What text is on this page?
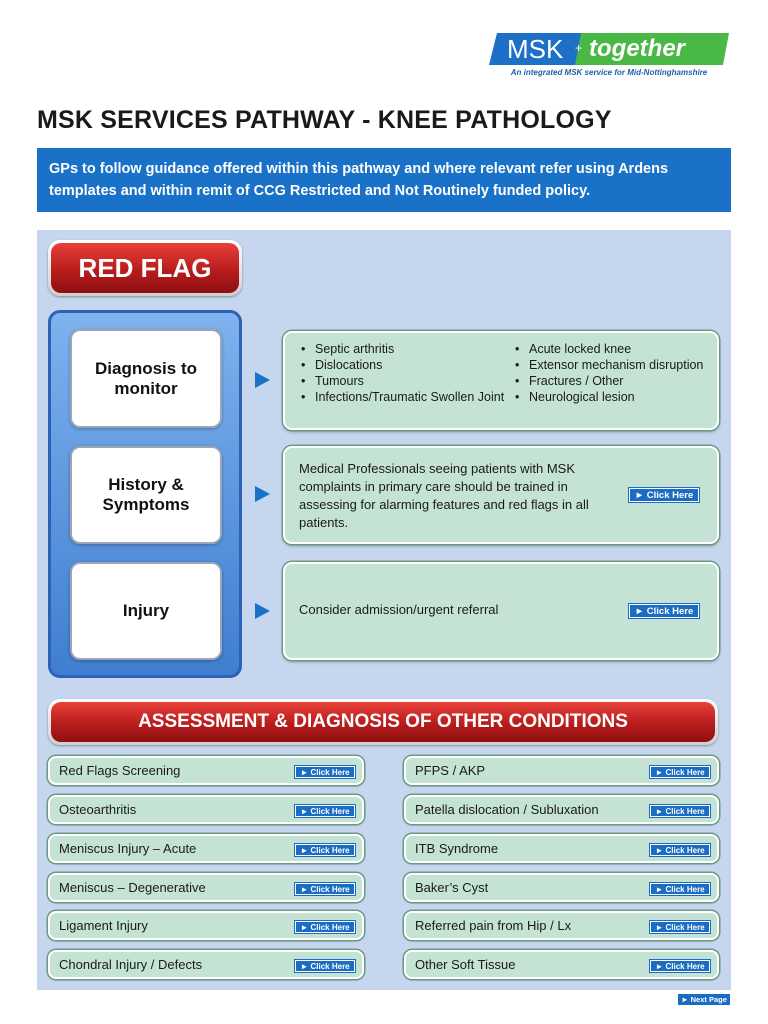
MSK + together
An integrated MSK service for Mid-Nottinghamshire
MSK SERVICES PATHWAY - KNEE PATHOLOGY
GPs to follow guidance offered within this pathway and where relevant refer using Ardens templates and within remit of CCG Restricted and Not Routinely funded policy.
RED FLAG
Diagnosis to monitor
History & Symptoms
Injury
• Septic arthritis
• Dislocations
• Tumours
• Infections/Traumatic Swollen Joint
• Acute locked knee
• Extensor mechanism disruption
• Fractures / Other
• Neurological lesion
Medical Professionals seeing patients with MSK complaints in primary care should be trained in assessing for alarming features and red flags in all patients.
► Click Here
Consider admission/urgent referral	► Click Here
ASSESSMENT & DIAGNOSIS OF OTHER CONDITIONS
Red Flags Screening	► Click Here
Osteoarthritis	► Click Here
Meniscus Injury – Acute	► Click Here
Meniscus – Degenerative	► Click Here
Ligament Injury	► Click Here
Chondral Injury / Defects	► Click Here
PFPS / AKP	► Click Here
Patella dislocation / Subluxation	► Click Here
ITB Syndrome	► Click Here
Baker’s Cyst	► Click Here
Referred pain from Hip / Lx	► Click Here
Other Soft Tissue	► Click Here
► Next Page
